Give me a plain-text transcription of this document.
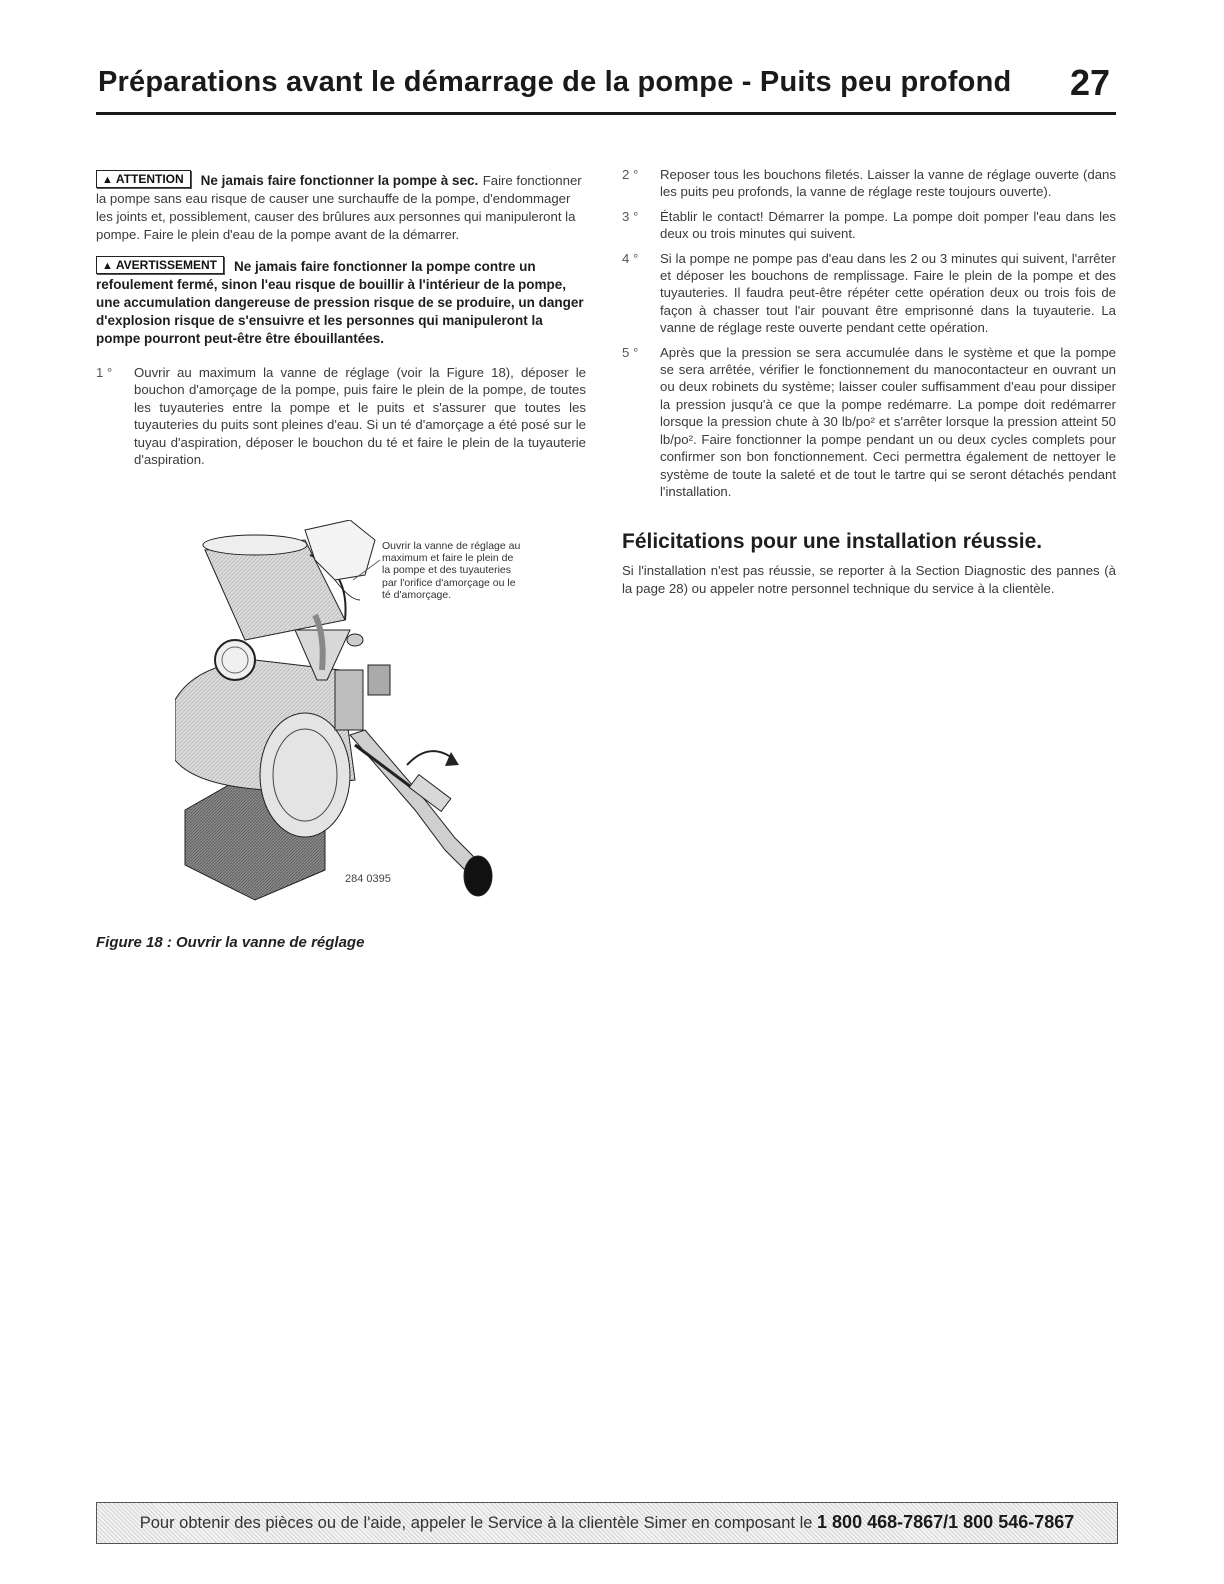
Préparations avant le démarrage de la pompe - Puits peu profond 27
▲ ATTENTION Ne jamais faire fonctionner la pompe à sec. Faire fonctionner la pompe sans eau risque de causer une surchauffe de la pompe, d'endommager les joints et, possiblement, causer des brûlures aux personnes qui manipuleront la pompe. Faire le plein d'eau de la pompe avant de la démarrer.
▲ AVERTISSEMENT Ne jamais faire fonctionner la pompe contre un refoulement fermé, sinon l'eau risque de bouillir à l'intérieur de la pompe, une accumulation dangereuse de pression risque de se produire, un danger d'explosion risque de s'ensuivre et les personnes qui manipuleront la pompe pourront peut-être être ébouillantées.
1 ° Ouvrir au maximum la vanne de réglage (voir la Figure 18), déposer le bouchon d'amorçage de la pompe, puis faire le plein de la pompe, de toutes les tuyauteries entre la pompe et le puits et s'assurer que toutes les tuyauteries du puits sont pleines d'eau. Si un té d'amorçage a été posé sur le tuyau d'aspiration, déposer le bouchon du té et faire le plein de la tuyauterie d'aspiration.
Ouvrir la vanne de réglage au maximum et faire le plein de la pompe et des tuyauteries par l'orifice d'amorçage ou le té d'amorçage.
284 0395
Figure 18 : Ouvrir la vanne de réglage
2 ° Reposer tous les bouchons filetés. Laisser la vanne de réglage ouverte (dans les puits peu profonds, la vanne de réglage reste toujours ouverte).
3 ° Établir le contact! Démarrer la pompe. La pompe doit pomper l'eau dans les deux ou trois minutes qui suivent.
4 ° Si la pompe ne pompe pas d'eau dans les 2 ou 3 minutes qui suivent, l'arrêter et déposer les bouchons de remplissage. Faire le plein de la pompe et des tuyauteries. Il faudra peut-être répéter cette opération deux ou trois fois de façon à chasser tout l'air pouvant être emprisonné dans la tuyauterie. La vanne de réglage reste ouverte pendant cette opération.
5 ° Après que la pression se sera accumulée dans le système et que la pompe se sera arrêtée, vérifier le fonctionnement du manocontacteur en ouvrant un ou deux robinets du système; laisser couler suffisamment d'eau pour dissiper la pression jusqu'à ce que la pompe redémarre. La pompe doit redémarrer lorsque la pression chute à 30 lb/po² et s'arrêter lorsque la pression atteint 50 lb/po². Faire fonctionner la pompe pendant un ou deux cycles complets pour confirmer son bon fonctionnement. Ceci permettra également de nettoyer le système de toute la saleté et de tout le tartre qui se seront détachés pendant l'installation.
Félicitations pour une installation réussie.
Si l'installation n'est pas réussie, se reporter à la Section Diagnostic des pannes (à la page 28) ou appeler notre personnel technique du service à la clientèle.
Pour obtenir des pièces ou de l'aide, appeler le Service à la clientèle Simer en composant le 1 800 468-7867/1 800 546-7867
